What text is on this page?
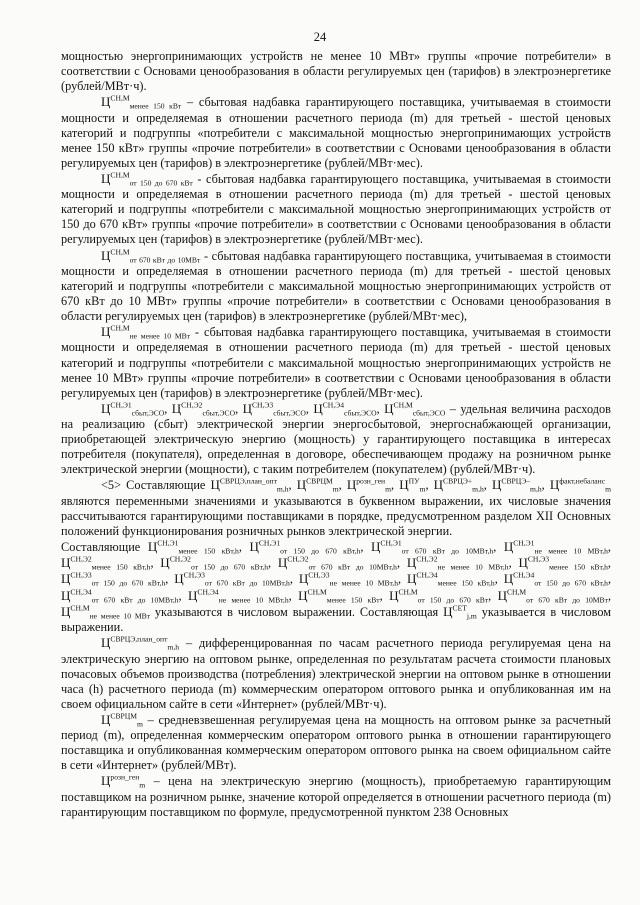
24

мощностью энергопринимающих устройств не менее 10 МВт» группы «прочие потребители» в соответствии с Основами ценообразования в области регулируемых цен (тарифов) в электроэнергетике (рублей/МВт·ч).

$Ц^{СН,М}_{менее 150 кВт}$ – сбытовая надбавка гарантирующего поставщика, учитываемая в стоимости мощности и определяемая в отношении расчетного периода (m) для третьей - шестой ценовых категорий и подгруппы «потребители с максимальной мощностью энергопринимающих устройств менее 150 кВт» группы «прочие потребители» в соответствии с Основами ценообразования в области регулируемых цен (тарифов) в электроэнергетике (рублей/МВт·мес).

$Ц^{СН,М}_{от 150 до 670 кВт}$ - сбытовая надбавка гарантирующего поставщика, учитываемая в стоимости мощности и определяемая в отношении расчетного периода (m) для третьей - шестой ценовых категорий и подгруппы «потребители с максимальной мощностью энергопринимающих устройств от 150 до 670 кВт» группы «прочие потребители» в соответствии с Основами ценообразования в области регулируемых цен (тарифов) в электроэнергетике (рублей/МВт·мес).

$Ц^{СН,М}_{от 670 кВт до 10МВт}$ - сбытовая надбавка гарантирующего поставщика, учитываемая в стоимости мощности и определяемая в отношении расчетного периода (m) для третьей - шестой ценовых категорий и подгруппы «потребители с максимальной мощностью энергопринимающих устройств от 670 кВт до 10 МВт» группы «прочие потребители» в соответствии с Основами ценообразования в области регулируемых цен (тарифов) в электроэнергетике (рублей/МВт·мес),

$Ц^{СН,М}_{не менее 10 МВт}$ - сбытовая надбавка гарантирующего поставщика, учитываемая в стоимости мощности и определяемая в отношении расчетного периода (m) для третьей - шестой ценовых категорий и подгруппы «потребители с максимальной мощностью энергопринимающих устройств не менее 10 МВт» группы «прочие потребители» в соответствии с Основами ценообразования в области регулируемых цен (тарифов) в электроэнергетике (рублей/МВт·мес).

$Ц^{СН,Э1}_{сбыт,ЭСО}$, $Ц^{СН,Э2}_{сбыт,ЭСО}$, $Ц^{СН,Э3}_{сбыт,ЭСО}$, $Ц^{СН,Э4}_{сбыт,ЭСО}$, $Ц^{СН,М}_{сбыт,ЭСО}$ – удельная величина расходов на реализацию (сбыт) электрической энергии энергосбытовой, энергоснабжающей организации, приобретающей электрическую энергию (мощность) у гарантирующего поставщика в интересах потребителя (покупателя), определенная в договоре, обеспечивающем продажу на розничном рынке электрической энергии (мощности), с таким потребителем (покупателем) (рублей/МВт·ч).

<5> Составляющие $Ц^{СВРЦЭ,план\_опт}_{m,h}$, $Ц^{СВРЦМ}_m$, $Ц^{розн\_ген}_m$, $Ц^{ПУ}_m$, $Ц^{СВРЦЭ+}_{m,h}$, $Ц^{СВРЦЭ-}_{m,h}$, $Ц^{факт,небаланс}_m$ являются переменными значениями и указываются в буквенном выражении, их числовые значения рассчитываются гарантирующими поставщиками в порядке, предусмотренном разделом XII Основных положений функционирования розничных рынков электрической энергии.

Составляющие $Ц^{СН,Э1}_{менее 150 кВт,h}$, $Ц^{СН,Э1}_{от 150 до 670 кВт,h}$, $Ц^{СН,Э1}_{от 670 кВт до 10МВт,h}$, $Ц^{СН,Э1}_{не менее 10 МВт,h}$, $Ц^{СН,Э2}_{менее 150 кВт,h}$, $Ц^{СН,Э2}_{от 150 до 670 кВт,h}$, $Ц^{СН,Э2}_{от 670 кВт до 10МВт,h}$, $Ц^{СН,Э2}_{не менее 10 МВт,h}$, $Ц^{СН,Э3}_{менее 150 кВт,h}$, $Ц^{СН,Э3}_{от 150 до 670 кВт,h}$, $Ц^{СН,Э3}_{от 670 кВт до 10МВт,h}$, $Ц^{СН,Э3}_{не менее 10 МВт,h}$, $Ц^{СН,Э4}_{менее 150 кВт,h}$, $Ц^{СН,Э4}_{от 150 до 670 кВт,h}$, $Ц^{СН,Э4}_{от 670 кВт до 10МВт,h}$, $Ц^{СН,Э4}_{не менее 10 МВт,h}$, $Ц^{СН,М}_{менее 150 кВт}$, $Ц^{СН,М}_{от 150 до 670 кВт}$, $Ц^{СН,М}_{от 670 кВт до 10МВт}$, $Ц^{СН,М}_{не менее 10 МВт}$ указываются в числовом выражении. Составляющая $Ц^{СЕТ}_{j,m}$ указывается в числовом выражении.

$Ц^{СВРЦЭ,план\_опт}_{m,h}$ – дифференцированная по часам расчетного периода регулируемая цена на электрическую энергию на оптовом рынке, определенная по результатам расчета стоимости плановых почасовых объемов производства (потребления) электрической энергии на оптовом рынке в отношении часа (h) расчетного периода (m) коммерческим оператором оптового рынка и опубликованная им на своем официальном сайте в сети «Интернет» (рублей/МВт·ч).

$Ц^{СВРЦМ}_m$ – средневзвешенная регулируемая цена на мощность на оптовом рынке за расчетный период (m), определенная коммерческим оператором оптового рынка в отношении гарантирующего поставщика и опубликованная коммерческим оператором оптового рынка на своем официальном сайте в сети «Интернет» (рублей/МВт).

$Ц^{розн\_ген}_m$ – цена на электрическую энергию (мощность), приобретаемую гарантирующим поставщиком на розничном рынке, значение которой определяется в отношении расчетного периода (m) гарантирующим поставщиком по формуле, предусмотренной пунктом 238 Основных
